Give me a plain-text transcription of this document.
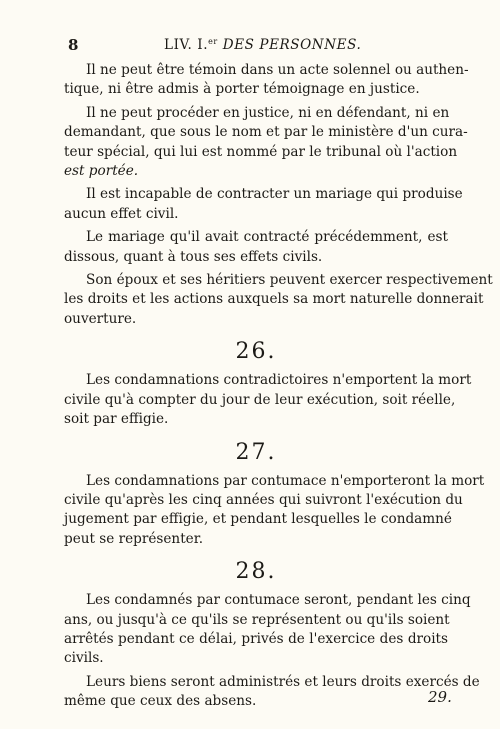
8	LIV. I.$^{er}$ DES PERSONNES.
Il ne peut être témoin dans un acte solennel ou authen-
tique, ni être admis à porter témoignage en justice.
Il ne peut procéder en justice, ni en défendant, ni en
demandant, que sous le nom et par le ministère d'un cura-
teur spécial, qui lui est nommé par le tribunal où l'action
est portée.
Il est incapable de contracter un mariage qui produise
aucun effet civil.
Le mariage qu'il avait contracté précédemment, est
dissous, quant à tous ses effets civils.
Son époux et ses héritiers peuvent exercer respectivement
les droits et les actions auxquels sa mort naturelle donnerait
ouverture.
26.
Les condamnations contradictoires n'emportent la mort
civile qu'à compter du jour de leur exécution, soit réelle,
soit par effigie.
27.
Les condamnations par contumace n'emporteront la mort
civile qu'après les cinq années qui suivront l'exécution du
jugement par effigie, et pendant lesquelles le condamné
peut se représenter.
28.
Les condamnés par contumace seront, pendant les cinq
ans, ou jusqu'à ce qu'ils se représentent ou qu'ils soient
arrêtés pendant ce délai, privés de l'exercice des droits
civils.
Leurs biens seront administrés et leurs droits exercés de
même que ceux des absens.	29.
